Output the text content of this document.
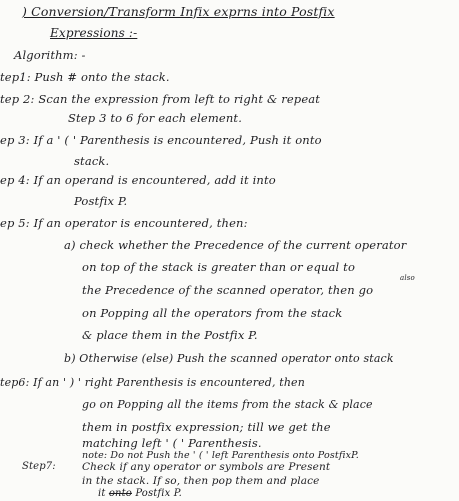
) Conversion/Transform Infix exprns into Postfix
Expressions :-
Algorithm: -
tep1: Push # onto the stack.
tep 2: Scan the expression from left to right & repeat
Step 3 to 6 for each element.
ep 3: If a ' ( ' Parenthesis is encountered, Push it onto
stack.
ep 4: If an operand is encountered, add it into
Postfix P.
ep 5: If an operator is encountered, then:
a) check whether the Precedence of the current operator
on top of the stack is greater than or equal to
also
the Precedence of the scanned operator, then go
on Popping all the operators from the stack
& place them in the Postfix P.
b) Otherwise (else) Push the scanned operator onto stack
tep6: If an ' ) ' right Parenthesis is encountered, then
go on Popping all the items from the stack & place
them in postfix expression; till we get the
matching left ' ( ' Parenthesis.
note: Do not Push the ' ( ' left Parenthesis onto PostfixP.
Step7: Check if any operator or symbols are Present
in the stack. If so, then pop them and place
it onto Postfix P.
